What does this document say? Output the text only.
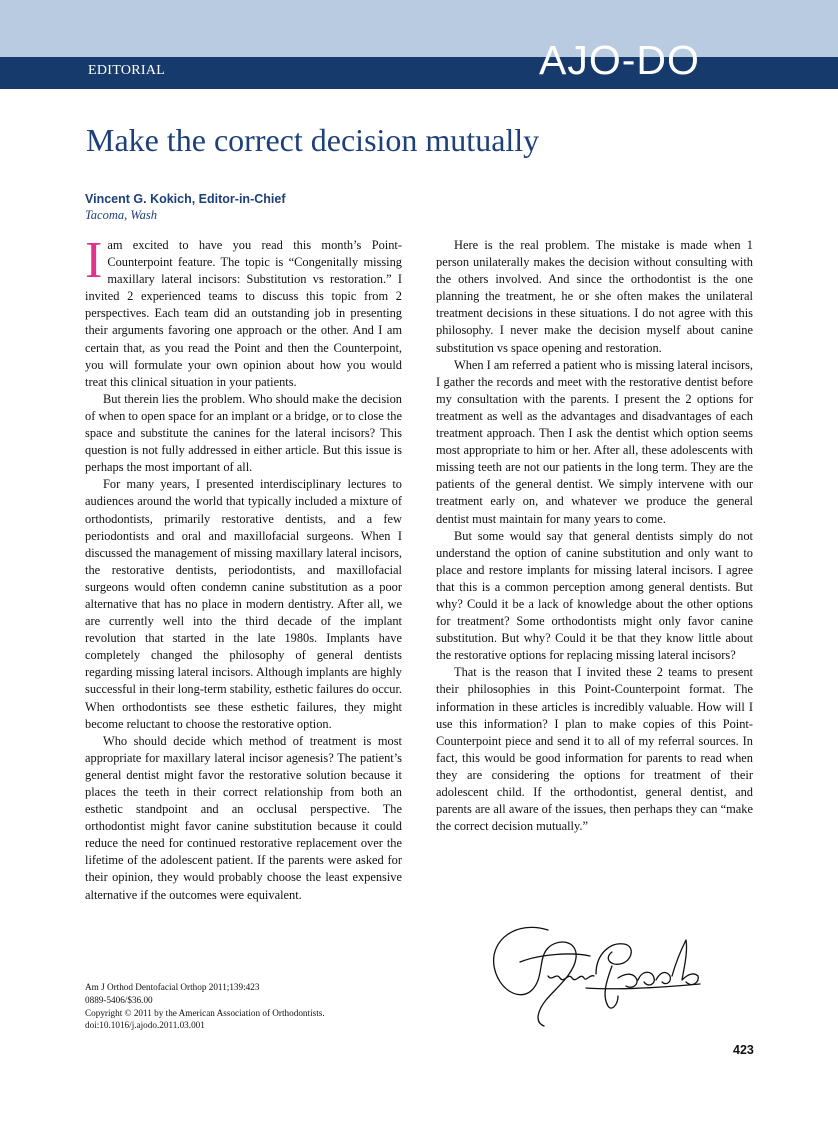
EDITORIAL	AJO-DO
Make the correct decision mutually
Vincent G. Kokich, Editor-in-Chief
Tacoma, Wash

Iam excited to have you read this month’s Point-Counterpoint feature. The topic is “Congenitally missing maxillary lateral incisors: Substitution vs restoration.” I invited 2 experienced teams to discuss this topic from 2 perspectives. Each team did an outstanding job in presenting their arguments favoring one approach or the other. And I am certain that, as you read the Point and then the Counterpoint, you will formulate your own opinion about how you would treat this clinical situation in your patients.

But therein lies the problem. Who should make the decision of when to open space for an implant or a bridge, or to close the space and substitute the canines for the lateral incisors? This question is not fully addressed in either article. But this issue is perhaps the most important of all.

For many years, I presented interdisciplinary lectures to audiences around the world that typically included a mixture of orthodontists, primarily restorative dentists, and a few periodontists and oral and maxillofacial surgeons. When I discussed the management of missing maxillary lateral incisors, the restorative dentists, periodontists, and maxillofacial surgeons would often condemn canine substitution as a poor alternative that has no place in modern dentistry. After all, we are currently well into the third decade of the implant revolution that started in the late 1980s. Implants have completely changed the philosophy of general dentists regarding missing lateral incisors. Although implants are highly successful in their long-term stability, esthetic failures do occur. When orthodontists see these esthetic failures, they might become reluctant to choose the restorative option.

Who should decide which method of treatment is most appropriate for maxillary lateral incisor agenesis? The patient’s general dentist might favor the restorative solution because it places the teeth in their correct relationship from both an esthetic standpoint and an occlusal perspective. The orthodontist might favor canine substitution because it could reduce the need for continued restorative replacement over the lifetime of the adolescent patient. If the parents were asked for their opinion, they would probably choose the least expensive alternative if the outcomes were equivalent.

Here is the real problem. The mistake is made when 1 person unilaterally makes the decision without consulting with the others involved. And since the orthodontist is the one planning the treatment, he or she often makes the unilateral treatment decisions in these situations. I do not agree with this philosophy. I never make the decision myself about canine substitution vs space opening and restoration.

When I am referred a patient who is missing lateral incisors, I gather the records and meet with the restorative dentist before my consultation with the parents. I present the 2 options for treatment as well as the advantages and disadvantages of each treatment approach. Then I ask the dentist which option seems most appropriate to him or her. After all, these adolescents with missing teeth are not our patients in the long term. They are the patients of the general dentist. We simply intervene with our treatment early on, and whatever we produce the general dentist must maintain for many years to come.

But some would say that general dentists simply do not understand the option of canine substitution and only want to place and restore implants for missing lateral incisors. I agree that this is a common perception among general dentists. But why? Could it be a lack of knowledge about the other options for treatment? Some orthodontists might only favor canine substitution. But why? Could it be that they know little about the restorative options for replacing missing lateral incisors?

That is the reason that I invited these 2 teams to present their philosophies in this Point-Counterpoint format. The information in these articles is incredibly valuable. How will I use this information? I plan to make copies of this Point-Counterpoint piece and send it to all of my referral sources. In fact, this would be good information for parents to read when they are considering the options for treatment of their adolescent child. If the orthodontist, general dentist, and parents are all aware of the issues, then perhaps they can “make the correct decision mutually.”

Am J Orthod Dentofacial Orthop 2011;139:423
0889-5406/$36.00
Copyright © 2011 by the American Association of Orthodontists.
doi:10.1016/j.ajodo.2011.03.001
423
